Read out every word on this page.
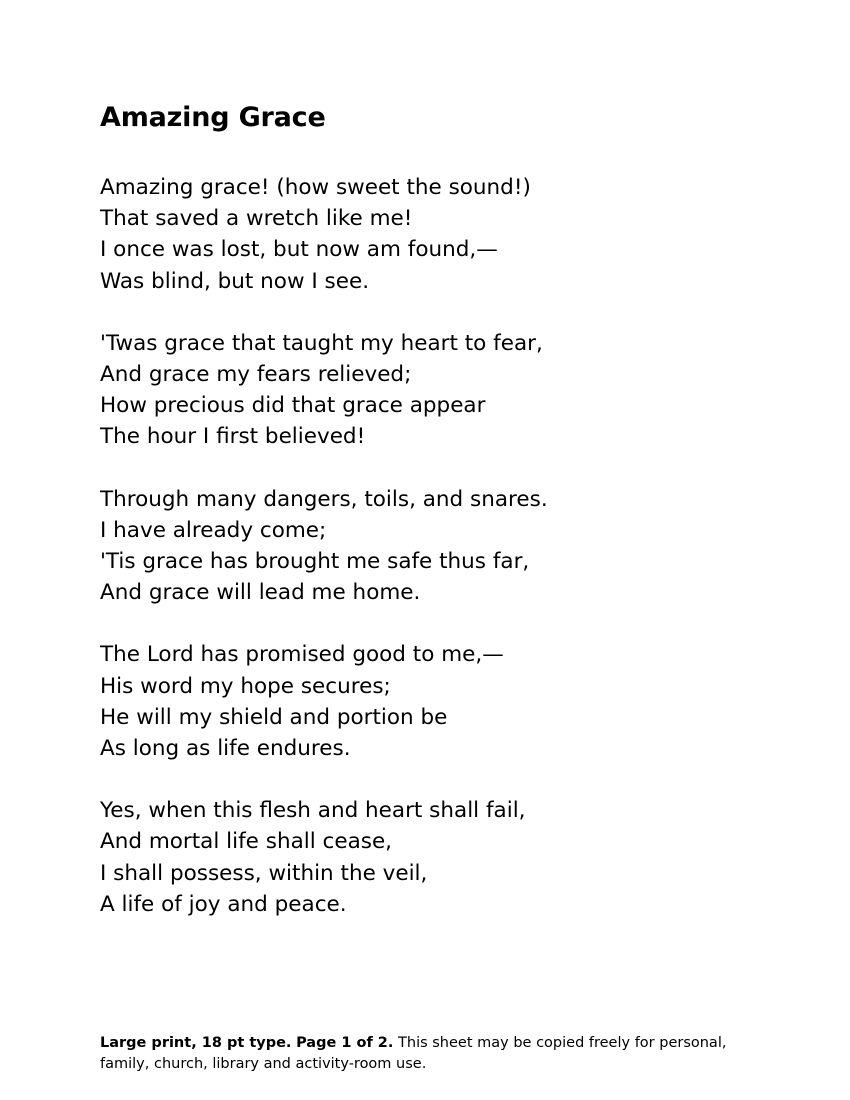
Amazing Grace
Amazing grace! (how sweet the sound!)
That saved a wretch like me!
I once was lost, but now am found,—
Was blind, but now I see.
'Twas grace that taught my heart to fear,
And grace my fears relieved;
How precious did that grace appear
The hour I first believed!
Through many dangers, toils, and snares.
I have already come;
'Tis grace has brought me safe thus far,
And grace will lead me home.
The Lord has promised good to me,—
His word my hope secures;
He will my shield and portion be
As long as life endures.
Yes, when this flesh and heart shall fail,
And mortal life shall cease,
I shall possess, within the veil,
A life of joy and peace.
Large print, 18 pt type. Page 1 of 2. This sheet may be copied freely for personal, family, church, library and activity-room use.
